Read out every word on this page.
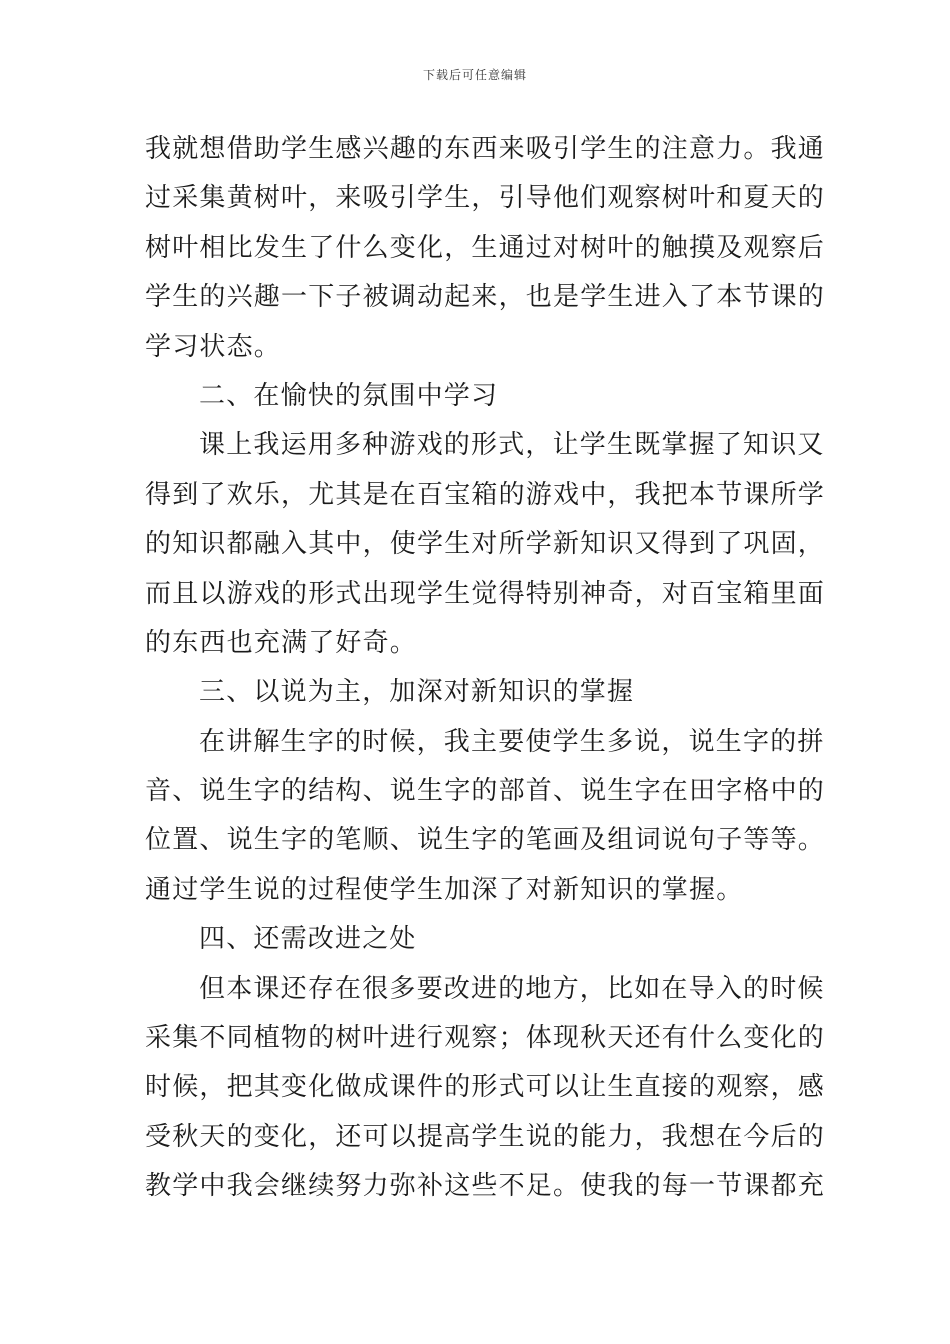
下载后可任意编辑
我就想借助学生感兴趣的东西来吸引学生的注意力。我通
过采集黄树叶，来吸引学生，引导他们观察树叶和夏天的
树叶相比发生了什么变化，生通过对树叶的触摸及观察后
学生的兴趣一下子被调动起来，也是学生进入了本节课的
学习状态。
二、在愉快的氛围中学习
课上我运用多种游戏的形式，让学生既掌握了知识又
得到了欢乐，尤其是在百宝箱的游戏中，我把本节课所学
的知识都融入其中，使学生对所学新知识又得到了巩固，
而且以游戏的形式出现学生觉得特别神奇，对百宝箱里面
的东西也充满了好奇。
三、以说为主，加深对新知识的掌握
在讲解生字的时候，我主要使学生多说，说生字的拼
音、说生字的结构、说生字的部首、说生字在田字格中的
位置、说生字的笔顺、说生字的笔画及组词说句子等等。
通过学生说的过程使学生加深了对新知识的掌握。
四、还需改进之处
但本课还存在很多要改进的地方，比如在导入的时候
采集不同植物的树叶进行观察；体现秋天还有什么变化的
时候，把其变化做成课件的形式可以让生直接的观察，感
受秋天的变化，还可以提高学生说的能力，我想在今后的
教学中我会继续努力弥补这些不足。使我的每一节课都充
